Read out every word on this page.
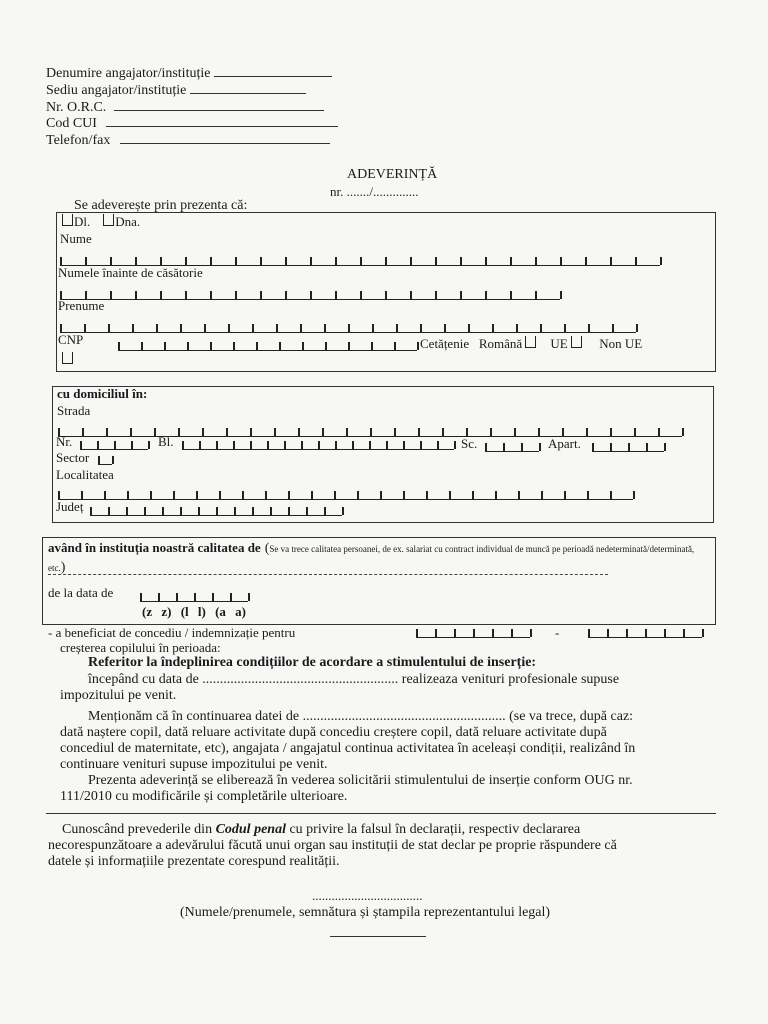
Denumire angajator/instituție
Sediu angajator/instituție
Nr. O.R.C.
Cod CUI
Telefon/fax
ADEVERINȚĂ
nr. ......./..............
Se adeverește prin prezenta că:
Dl. Dna.
Nume
Numele înainte de căsătorie
Prenume
CNP	Cetățenie Română UE Non UE
cu domiciliul în:
Strada
Nr.	Bl.	Sc.	Apart.
Sector
Localitatea
Județ
având în instituția noastră calitatea de (Se va trece calitatea persoanei, de ex. salariat cu contract individual de muncă pe perioadă nedeterminată/determinată, etc.)
de la data de
(z z) (l l) (a a)
- a beneficiat de concediu / indemnizație pentru
creșterea copilului în perioada:
-
Referitor la îndeplinirea condițiilor de acordare a stimulentului de inserție:
începând cu data de ........................................................ realizeaza venituri profesionale supuse
impozitului pe venit.
Menționăm că în continuarea datei de .......................................................... (se va trece, după caz:
dată naștere copil, dată reluare activitate după concediu creștere copil, dată reluare activitate după
concediul de maternitate, etc), angajata / angajatul continua activitatea în aceleași condiții, realizând în
continuare venituri supuse impozitului pe venit.
Prezenta adeverință se eliberează în vederea solicitării stimulentului de inserție conform OUG nr.
111/2010 cu modificările și completările ulterioare.
Cunoscând prevederile din Codul penal cu privire la falsul în declarații, respectiv declararea
necorespunzătoare a adevărului făcută unui organ sau instituții de stat declar pe proprie răspundere că
datele și informațiile prezentate corespund realității.
..................................
(Numele/prenumele, semnătura și ștampila reprezentantului legal)
